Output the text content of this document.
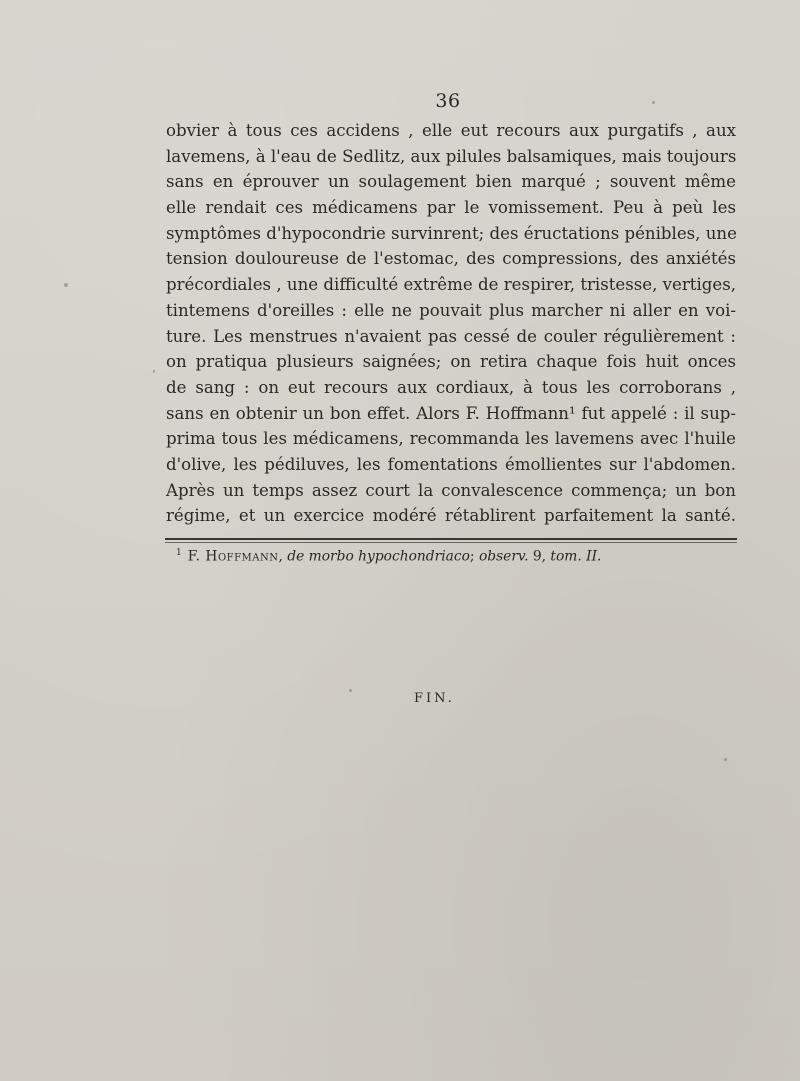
36
obvier à tous ces accidens , elle eut recours aux purgatifs , aux
lavemens, à l'eau de Sedlitz, aux pilules balsamiques, mais toujours
sans en éprouver un soulagement bien marqué ; souvent même
elle rendait ces médicamens par le vomissement. Peu à peù les
symptômes d'hypocondrie survinrent; des éructations pénibles, une
tension douloureuse de l'estomac, des compressions, des anxiétés
précordiales , une difficulté extrême de respirer, tristesse, vertiges,
tintemens d'oreilles : elle ne pouvait plus marcher ni aller en voi-
ture. Les menstrues n'avaient pas cessé de couler régulièrement :
on pratiqua plusieurs saignées; on retira chaque fois huit onces
de sang : on eut recours aux cordiaux, à tous les corroborans ,
sans en obtenir un bon effet. Alors F. Hoffmann¹ fut appelé : il sup-
prima tous les médicamens, recommanda les lavemens avec l'huile
d'olive, les pédiluves, les fomentations émollientes sur l'abdomen.
Après un temps assez court la convalescence commença; un bon
régime, et un exercice modéré rétablirent parfaitement la santé.
$^1$ F. Hoffmann, de morbo hypochondriaco; observ. 9, tom. II.
FIN.
